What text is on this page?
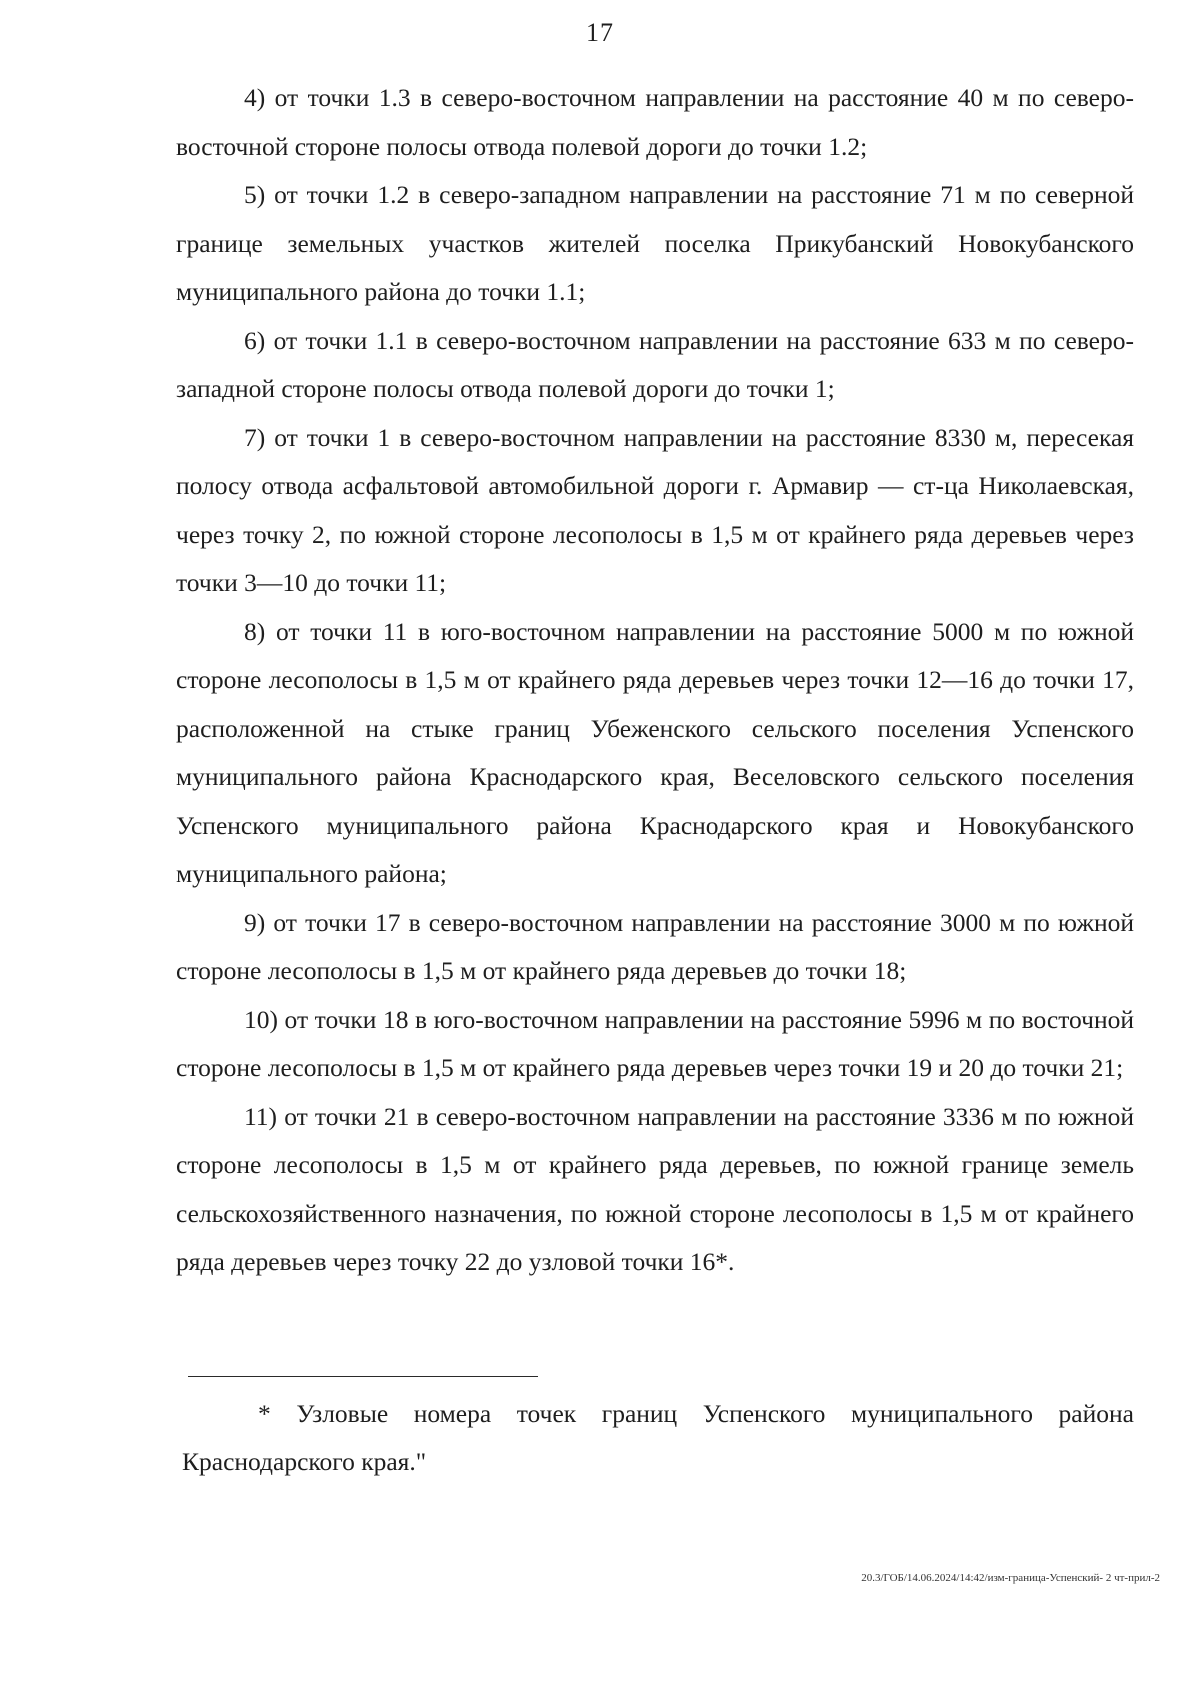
17

4) от точки 1.3 в северо-восточном направлении на расстояние 40 м по северо-восточной стороне полосы отвода полевой дороги до точки 1.2;

5) от точки 1.2 в северо-западном направлении на расстояние 71 м по северной границе земельных участков жителей поселка Прикубанский Новокубанского муниципального района до точки 1.1;

6) от точки 1.1 в северо-восточном направлении на расстояние 633 м по северо-западной стороне полосы отвода полевой дороги до точки 1;

7) от точки 1 в северо-восточном направлении на расстояние 8330 м, пересекая полосу отвода асфальтовой автомобильной дороги г. Армавир — ст-ца Николаевская, через точку 2, по южной стороне лесополосы в 1,5 м от крайнего ряда деревьев через точки 3—10 до точки 11;

8) от точки 11 в юго-восточном направлении на расстояние 5000 м по южной стороне лесополосы в 1,5 м от крайнего ряда деревьев через точки 12—16 до точки 17, расположенной на стыке границ Убеженского сельского поселения Успенского муниципального района Краснодарского края, Веселовского сельского поселения Успенского муниципального района Краснодарского края и Новокубанского муниципального района;

9) от точки 17 в северо-восточном направлении на расстояние 3000 м по южной стороне лесополосы в 1,5 м от крайнего ряда деревьев до точки 18;

10) от точки 18 в юго-восточном направлении на расстояние 5996 м по восточной стороне лесополосы в 1,5 м от крайнего ряда деревьев через точки 19 и 20 до точки 21;

11) от точки 21 в северо-восточном направлении на расстояние 3336 м по южной стороне лесополосы в 1,5 м от крайнего ряда деревьев, по южной границе земель сельскохозяйственного назначения, по южной стороне лесополосы в 1,5 м от крайнего ряда деревьев через точку 22 до узловой точки 16*.

* Узловые номера точек границ Успенского муниципального района Краснодарского края."

20.3/ГОБ/14.06.2024/14:42/изм-граница-Успенский- 2 чт-прил-2
